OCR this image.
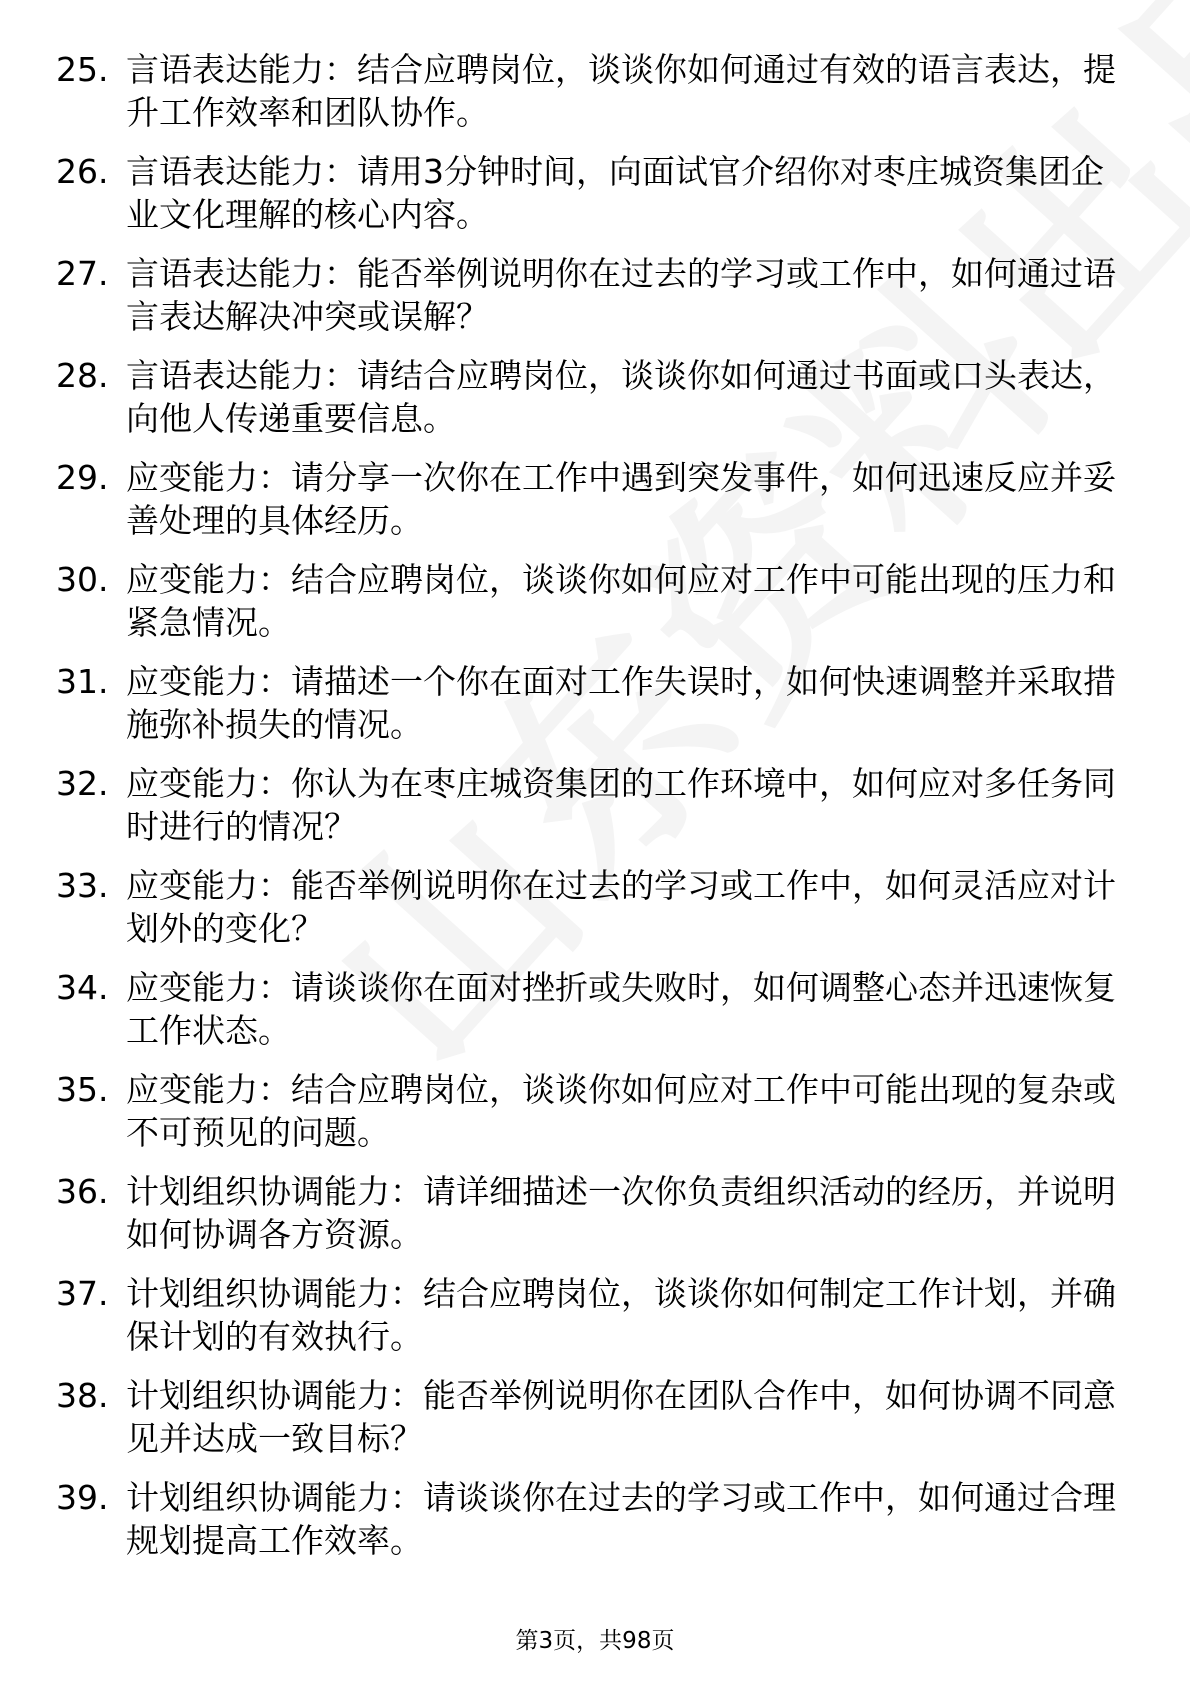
25. 言语表达能力：结合应聘岗位，谈谈你如何通过有效的语言表达，提升工作效率和团队协作。
26. 言语表达能力：请用3分钟时间，向面试官介绍你对枣庄城资集团企业文化理解的核心内容。
27. 言语表达能力：能否举例说明你在过去的学习或工作中，如何通过语言表达解决冲突或误解？
28. 言语表达能力：请结合应聘岗位，谈谈你如何通过书面或口头表达，向他人传递重要信息。
29. 应变能力：请分享一次你在工作中遇到突发事件，如何迅速反应并妥善处理的具体经历。
30. 应变能力：结合应聘岗位，谈谈你如何应对工作中可能出现的压力和紧急情况。
31. 应变能力：请描述一个你在面对工作失误时，如何快速调整并采取措施弥补损失的情况。
32. 应变能力：你认为在枣庄城资集团的工作环境中，如何应对多任务同时进行的情况？
33. 应变能力：能否举例说明你在过去的学习或工作中，如何灵活应对计划外的变化？
34. 应变能力：请谈谈你在面对挫折或失败时，如何调整心态并迅速恢复工作状态。
35. 应变能力：结合应聘岗位，谈谈你如何应对工作中可能出现的复杂或不可预见的问题。
36. 计划组织协调能力：请详细描述一次你负责组织活动的经历，并说明如何协调各方资源。
37. 计划组织协调能力：结合应聘岗位，谈谈你如何制定工作计划，并确保计划的有效执行。
38. 计划组织协调能力：能否举例说明你在团队合作中，如何协调不同意见并达成一致目标？
39. 计划组织协调能力：请谈谈你在过去的学习或工作中，如何通过合理规划提高工作效率。
第3页，共98页
